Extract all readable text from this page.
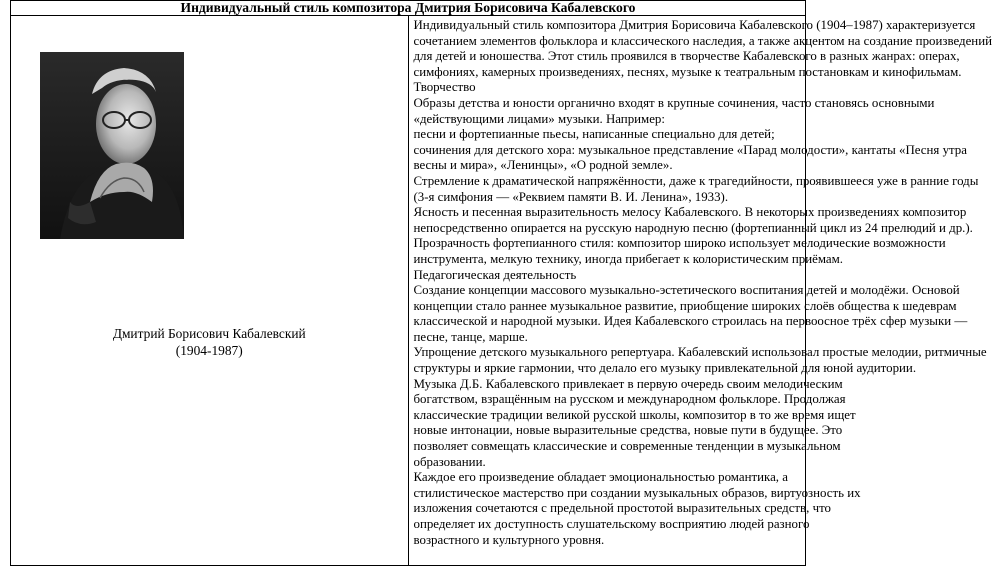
Индивидуальный стиль композитора Дмитрия Борисовича Кабалевского

Дмитрий Борисович Кабалевский
(1904-1987)

Индивидуальный стиль композитора Дмитрия Борисовича Кабалевского (1904–1987) характеризуется
сочетанием элементов фольклора и классического наследия, а также акцентом на создание произведений
для детей и юношества. Этот стиль проявился в творчестве Кабалевского в разных жанрах: операх,
симфониях, камерных произведениях, песнях, музыке к театральным постановкам и кинофильмам.
Творчество
Образы детства и юности органично входят в крупные сочинения, часто становясь основными
«действующими лицами» музыки. Например:
песни и фортепианные пьесы, написанные специально для детей;
сочинения для детского хора: музыкальное представление «Парад молодости», кантаты «Песня утра
весны и мира», «Ленинцы», «О родной земле».
Стремление к драматической напряжённости, даже к трагедийности, проявившееся уже в ранние годы
(3-я симфония — «Реквием памяти В. И. Ленина», 1933).
Ясность и песенная выразительность мелосу Кабалевского. В некоторых произведениях композитор
непосредственно опирается на русскую народную песню (фортепианный цикл из 24 прелюдий и др.).
Прозрачность фортепианного стиля: композитор широко использует мелодические возможности
инструмента, мелкую технику, иногда прибегает к колористическим приёмам.
Педагогическая деятельность
Создание концепции массового музыкально-эстетического воспитания детей и молодёжи. Основой
концепции стало раннее музыкальное развитие, приобщение широких слоёв общества к шедеврам
классической и народной музыки. Идея Кабалевского строилась на первоосное трёх сфер музыки —
песне, танце, марше.
Упрощение детского музыкального репертуара. Кабалевский использовал простые мелодии, ритмичные
структуры и яркие гармонии, что делало его музыку привлекательной для юной аудитории.
Музыка Д.Б. Кабалевского привлекает в первую очередь своим мелодическим
богатством, взращённым на русском и международном фольклоре. Продолжая
классические традиции великой русской школы, композитор в то же время ищет
новые интонации, новые выразительные средства, новые пути в будущее. Это
позволяет совмещать классические и современные тенденции в музыкальном
образовании.
Каждое его произведение обладает эмоциональностью романтика, а
стилистическое мастерство при создании музыкальных образов, виртуозность их
изложения сочетаются с предельной простотой выразительных средств, что
определяет их доступность слушательскому восприятию людей разного
возрастного и культурного уровня.
